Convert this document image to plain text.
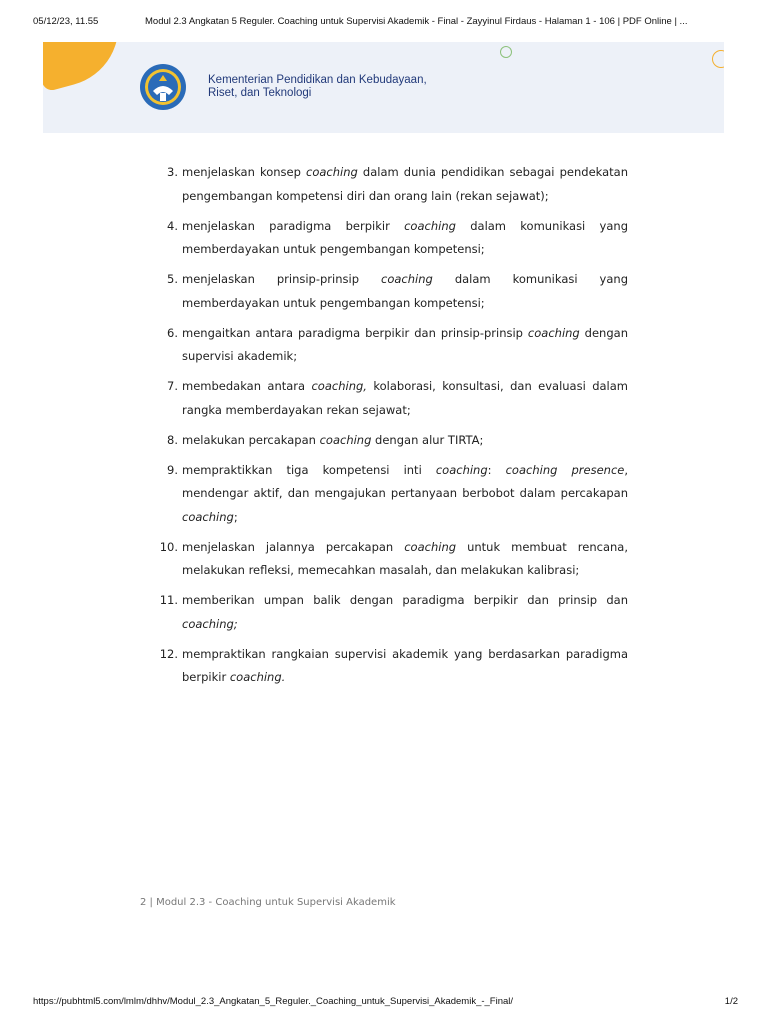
05/12/23, 11.55	Modul 2.3 Angkatan 5 Reguler. Coaching untuk Supervisi Akademik - Final - Zayyinul Firdaus - Halaman 1 - 106 | PDF Online | ...
Kementerian Pendidikan dan Kebudayaan,
Riset, dan Teknologi
3. menjelaskan konsep coaching dalam dunia pendidikan sebagai pendekatan pengembangan kompetensi diri dan orang lain (rekan sejawat);
4. menjelaskan paradigma berpikir coaching dalam komunikasi yang memberdayakan untuk pengembangan kompetensi;
5. menjelaskan prinsip-prinsip coaching dalam komunikasi yang memberdayakan untuk pengembangan kompetensi;
6. mengaitkan antara paradigma berpikir dan prinsip-prinsip coaching dengan supervisi akademik;
7. membedakan antara coaching, kolaborasi, konsultasi, dan evaluasi dalam rangka memberdayakan rekan sejawat;
8. melakukan percakapan coaching dengan alur TIRTA;
9. mempraktikkan tiga kompetensi inti coaching: coaching presence, mendengar aktif, dan mengajukan pertanyaan berbobot dalam percakapan coaching;
10. menjelaskan jalannya percakapan coaching untuk membuat rencana, melakukan refleksi, memecahkan masalah, dan melakukan kalibrasi;
11. memberikan umpan balik dengan paradigma berpikir dan prinsip dan coaching;
12. mempraktikan rangkaian supervisi akademik yang berdasarkan paradigma berpikir coaching.
2 | Modul 2.3 - Coaching untuk Supervisi Akademik
https://pubhtml5.com/lmlm/dhhv/Modul_2.3_Angkatan_5_Reguler._Coaching_untuk_Supervisi_Akademik_-_Final/	1/2
